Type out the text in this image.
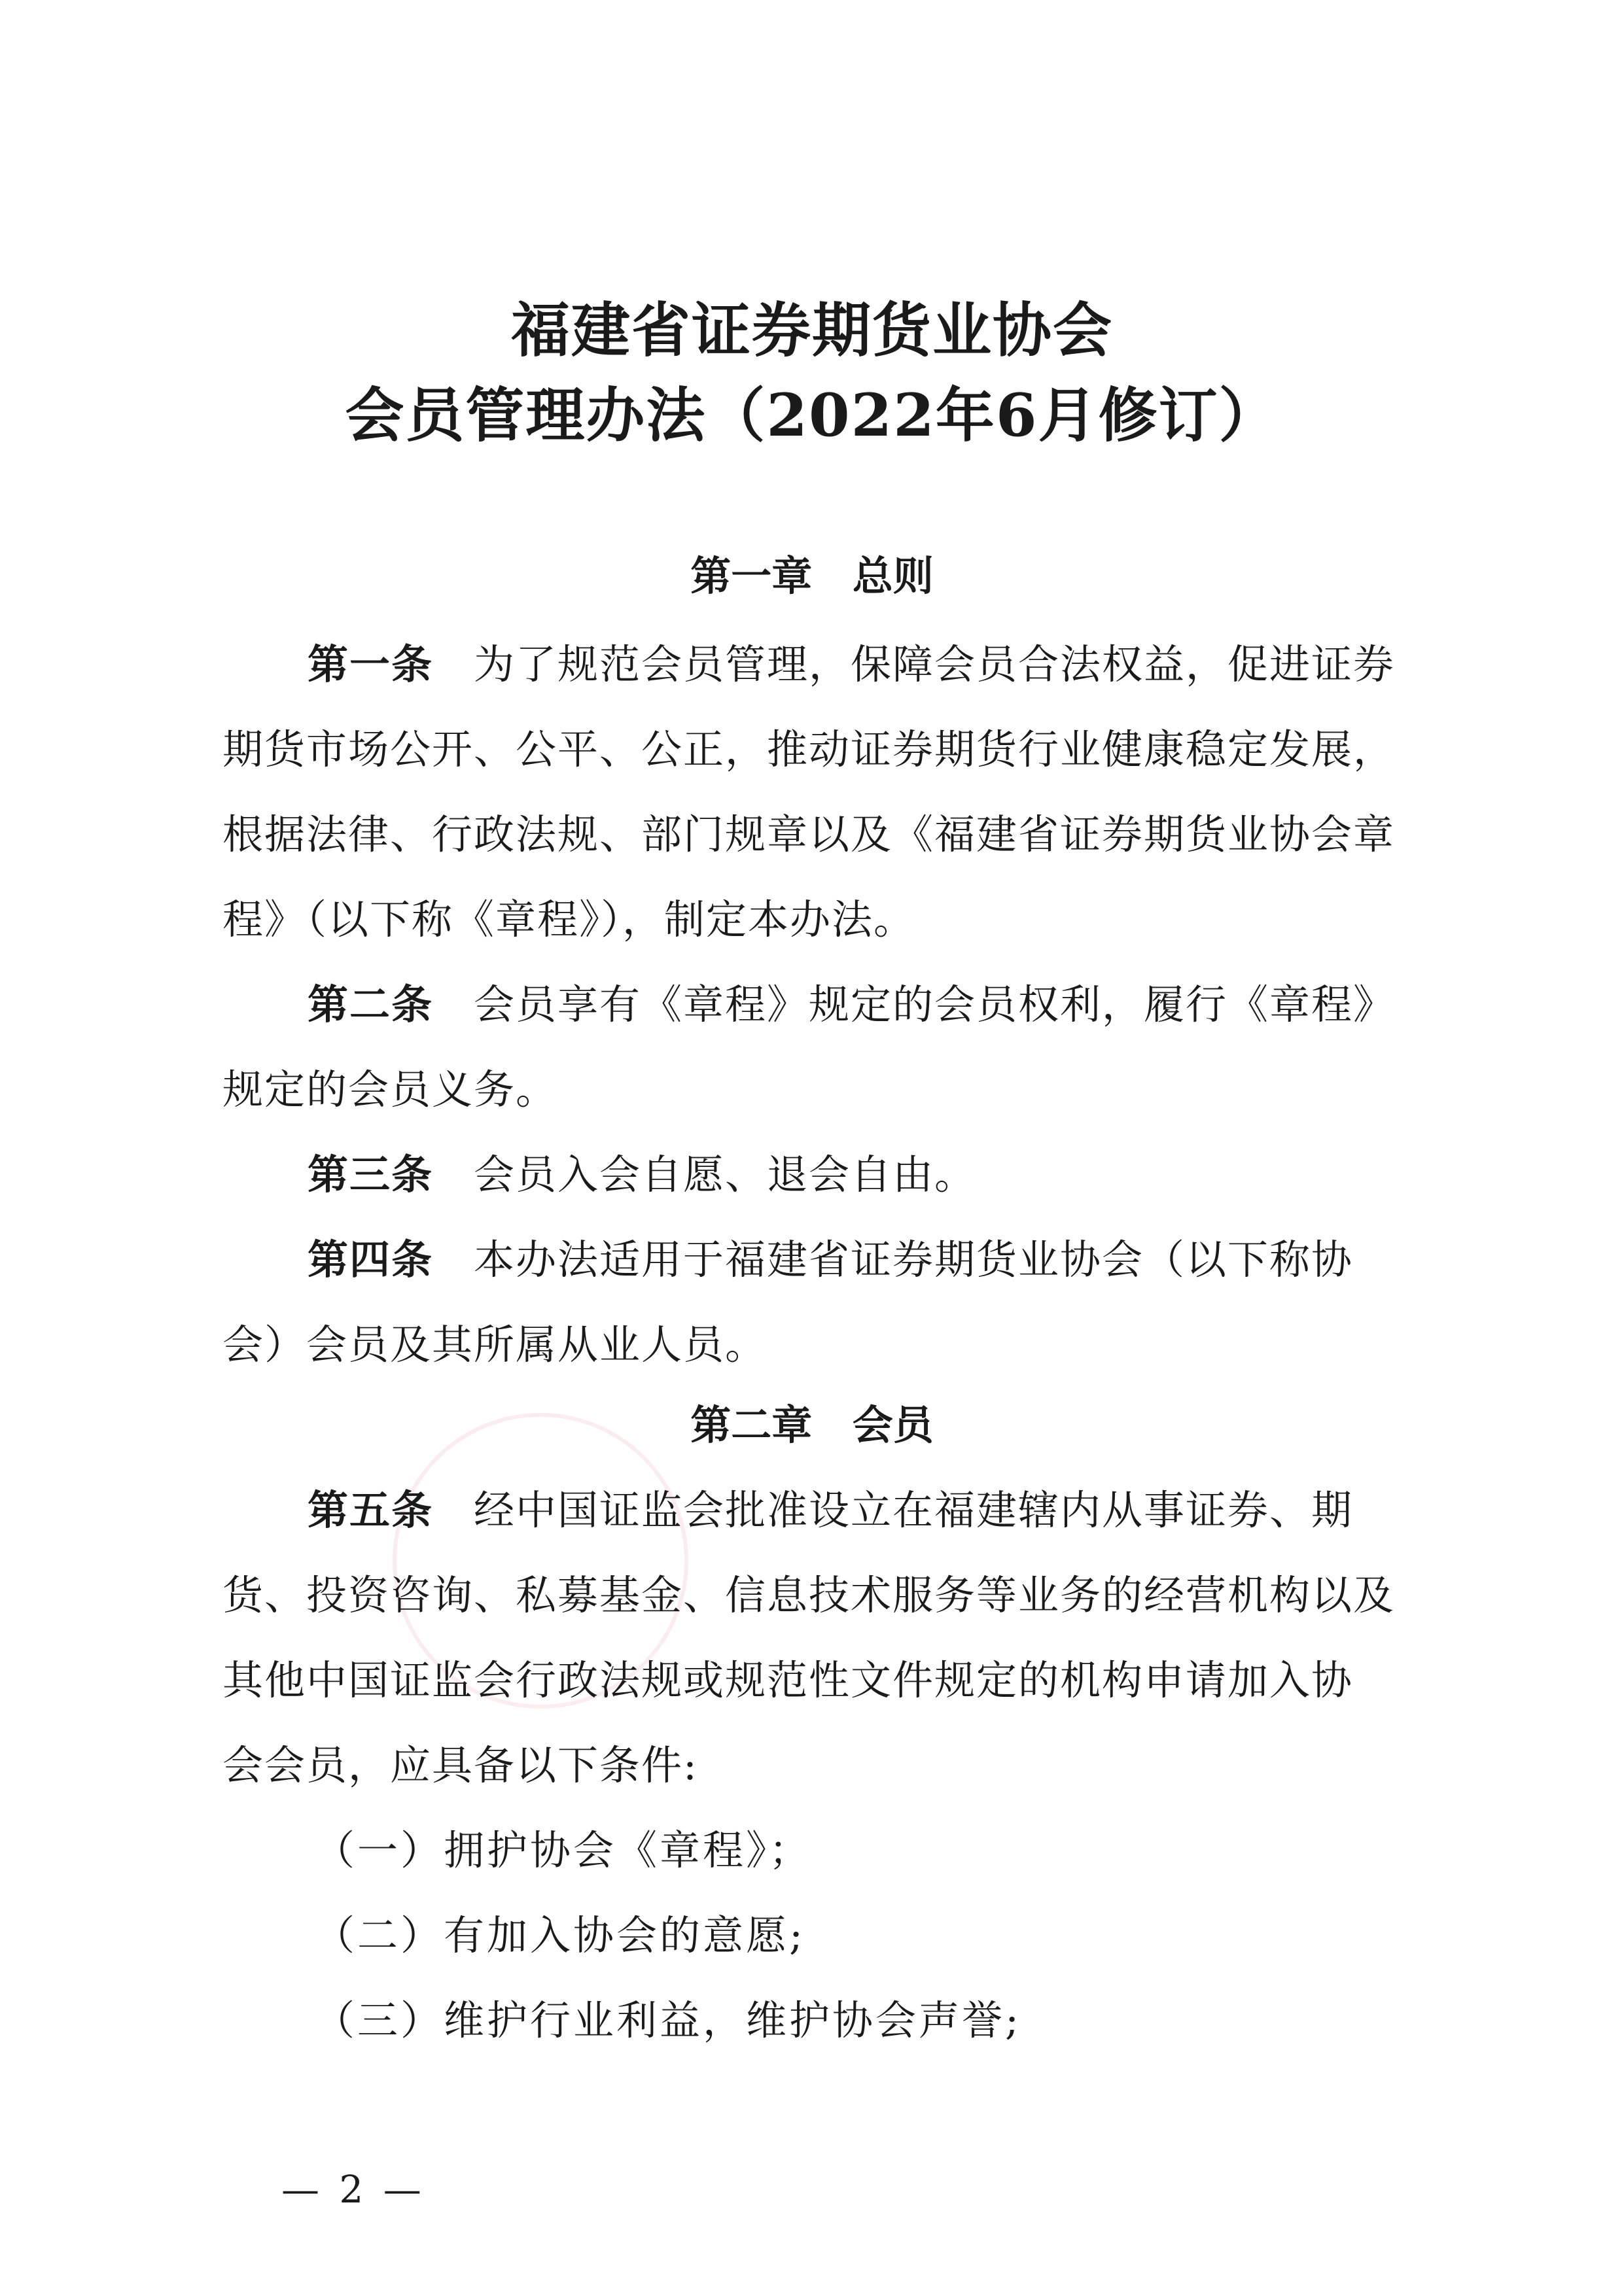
福建省证券期货业协会
会员管理办法（2022年6月修订）
第一章 总则
第一条 为了规范会员管理，保障会员合法权益，促进证券
期货市场公开、公平、公正，推动证券期货行业健康稳定发展，
根据法律、行政法规、部门规章以及《福建省证券期货业协会章
程》（以下称《章程》），制定本办法。
第二条 会员享有《章程》规定的会员权利，履行《章程》
规定的会员义务。
第三条 会员入会自愿、退会自由。
第四条 本办法适用于福建省证券期货业协会（以下称协
会）会员及其所属从业人员。
第二章 会员
第五条 经中国证监会批准设立在福建辖内从事证券、期
货、投资咨询、私募基金、信息技术服务等业务的经营机构以及
其他中国证监会行政法规或规范性文件规定的机构申请加入协
会会员，应具备以下条件:
（一）拥护协会《章程》；
（二）有加入协会的意愿;
（三）维护行业利益，维护协会声誉;
— 2 —
